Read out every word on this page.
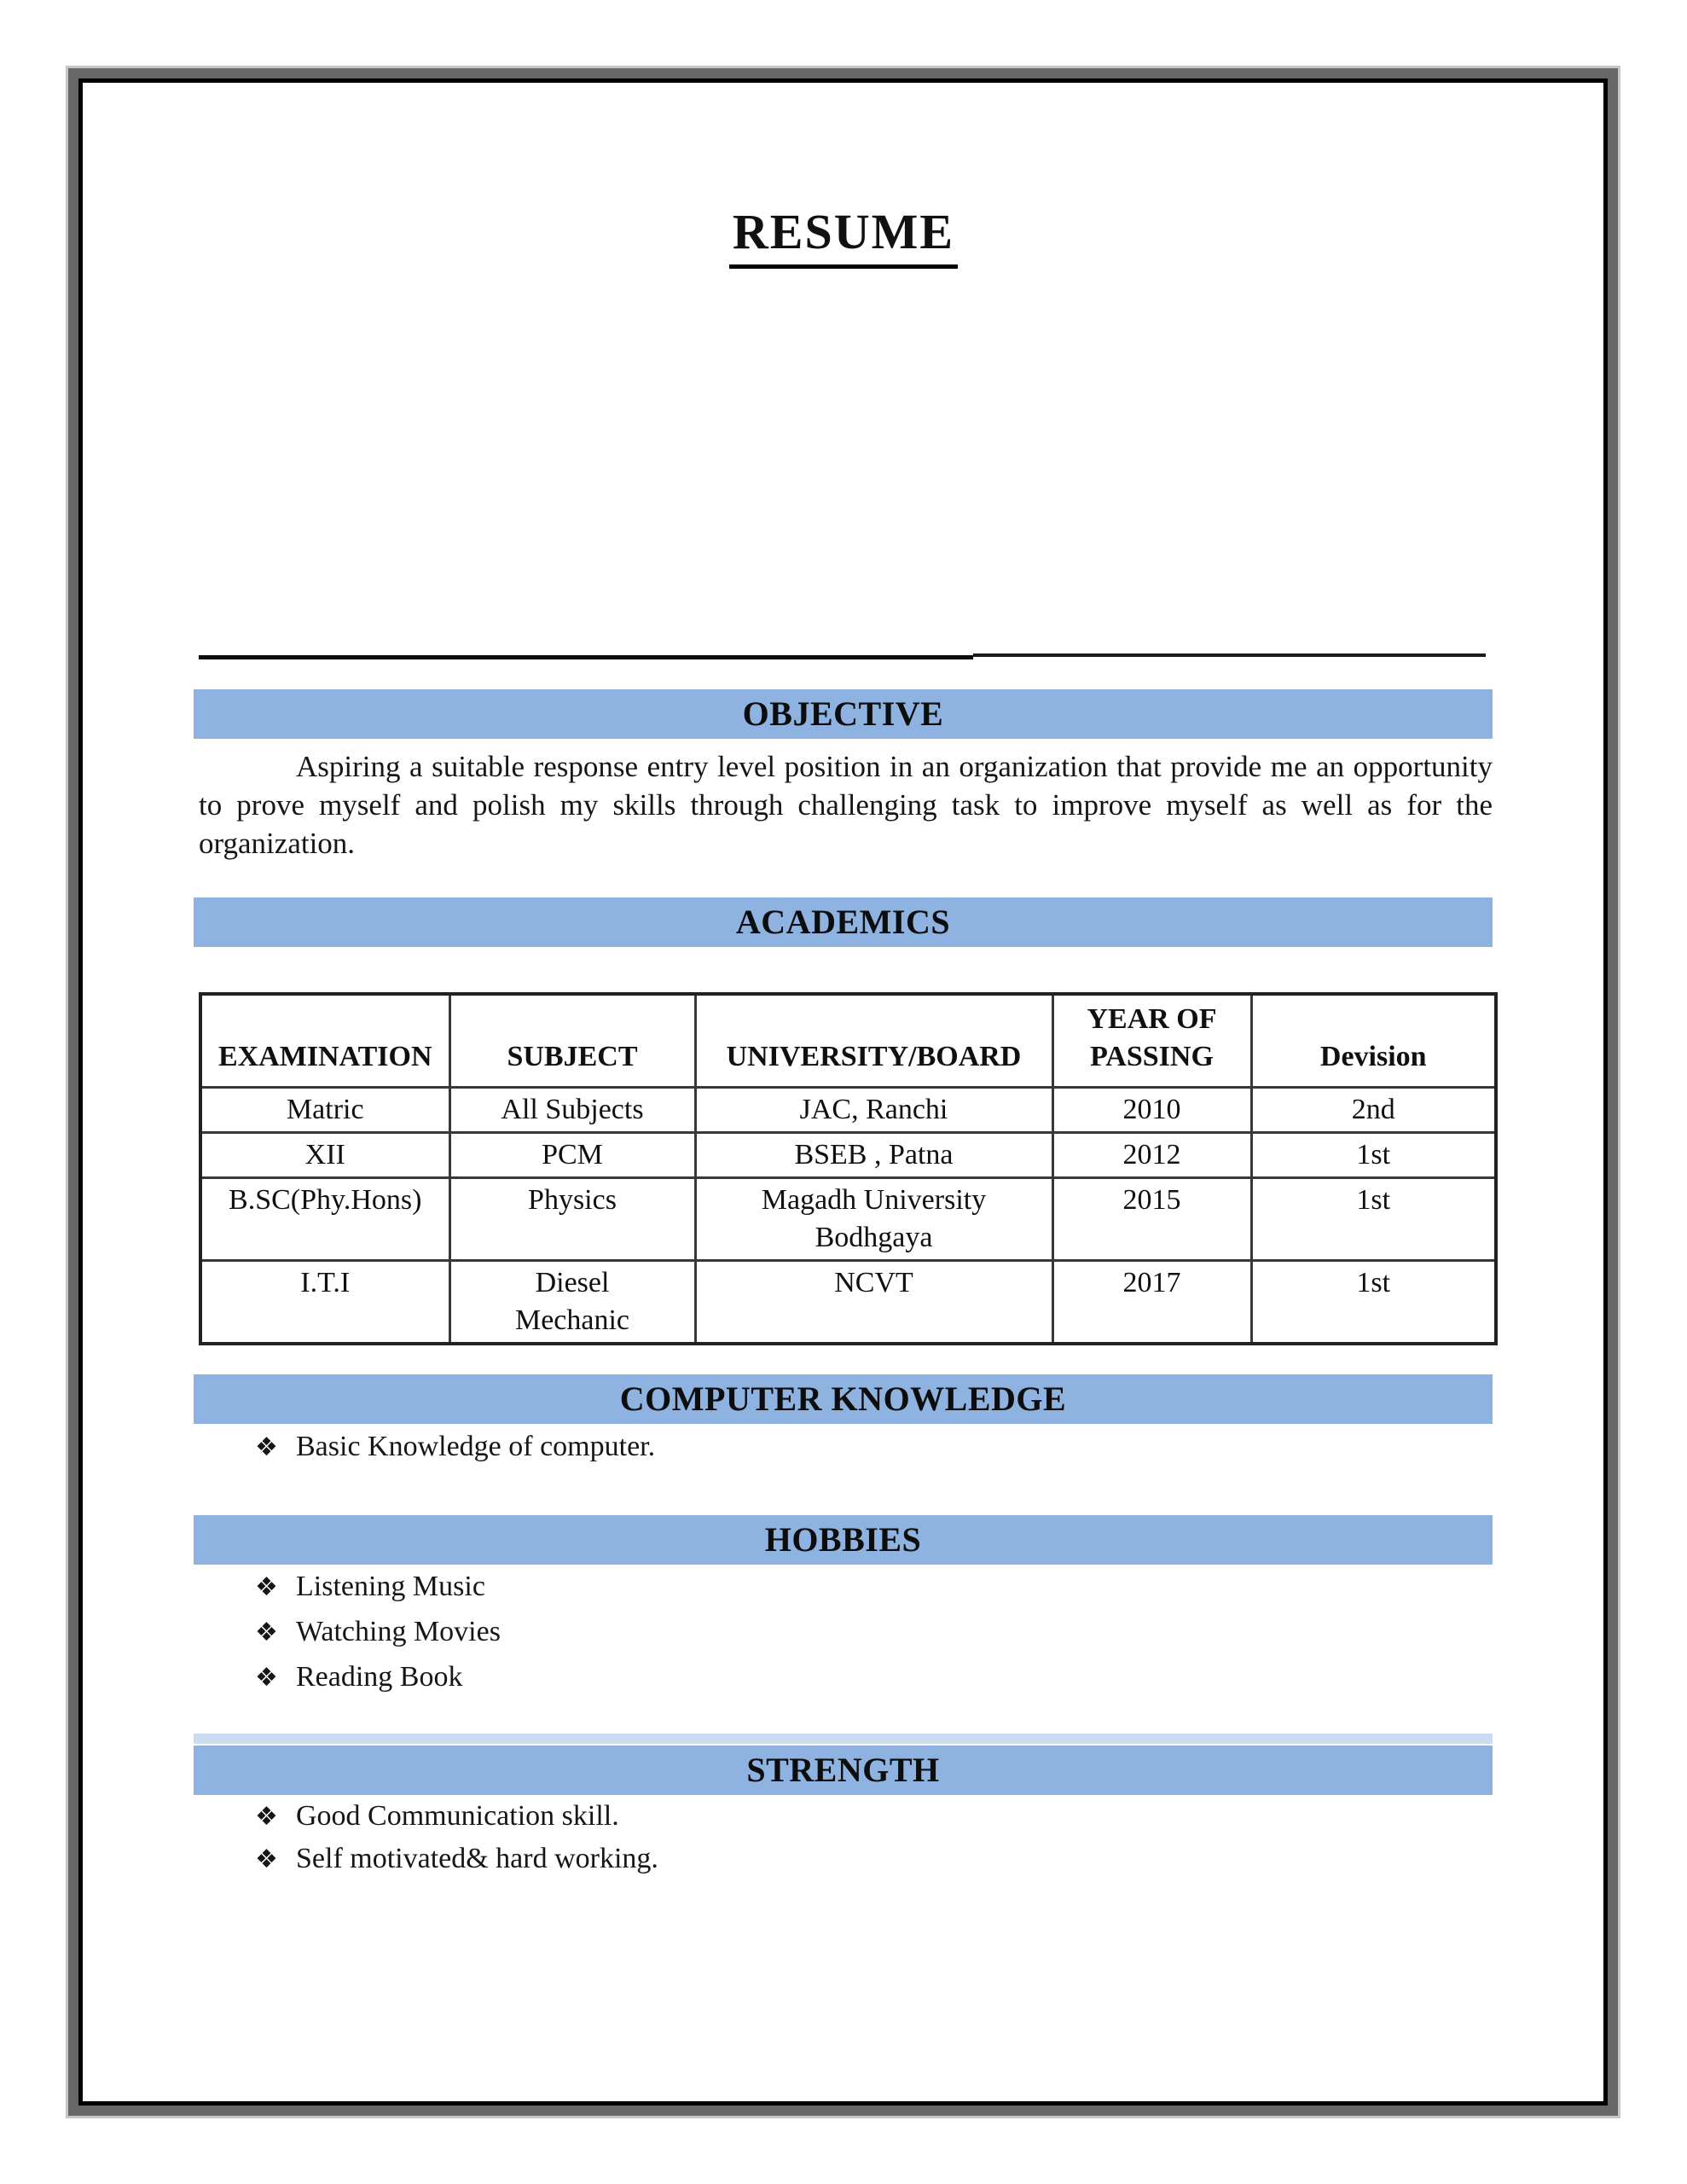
RESUME
OBJECTIVE

Aspiring a suitable response entry level position in an organization that provide me an opportunity to prove myself and polish my skills through challenging task to improve myself as well as for the organization.

ACADEMICS
EXAMINATION	SUBJECT	UNIVERSITY/BOARD	YEAR OF PASSING	Devision
Matric	All Subjects	JAC, Ranchi	2010	2nd
XII	PCM	BSEB , Patna	2012	1st
B.SC(Phy.Hons)	Physics	Magadh University Bodhgaya	2015	1st
I.T.I	Diesel Mechanic	NCVT	2017	1st
COMPUTER KNOWLEDGE
❖ Basic Knowledge of computer.
HOBBIES
❖ Listening Music
❖ Watching Movies
❖ Reading Book
STRENGTH
❖ Good Communication skill.
❖ Self motivated& hard working.
